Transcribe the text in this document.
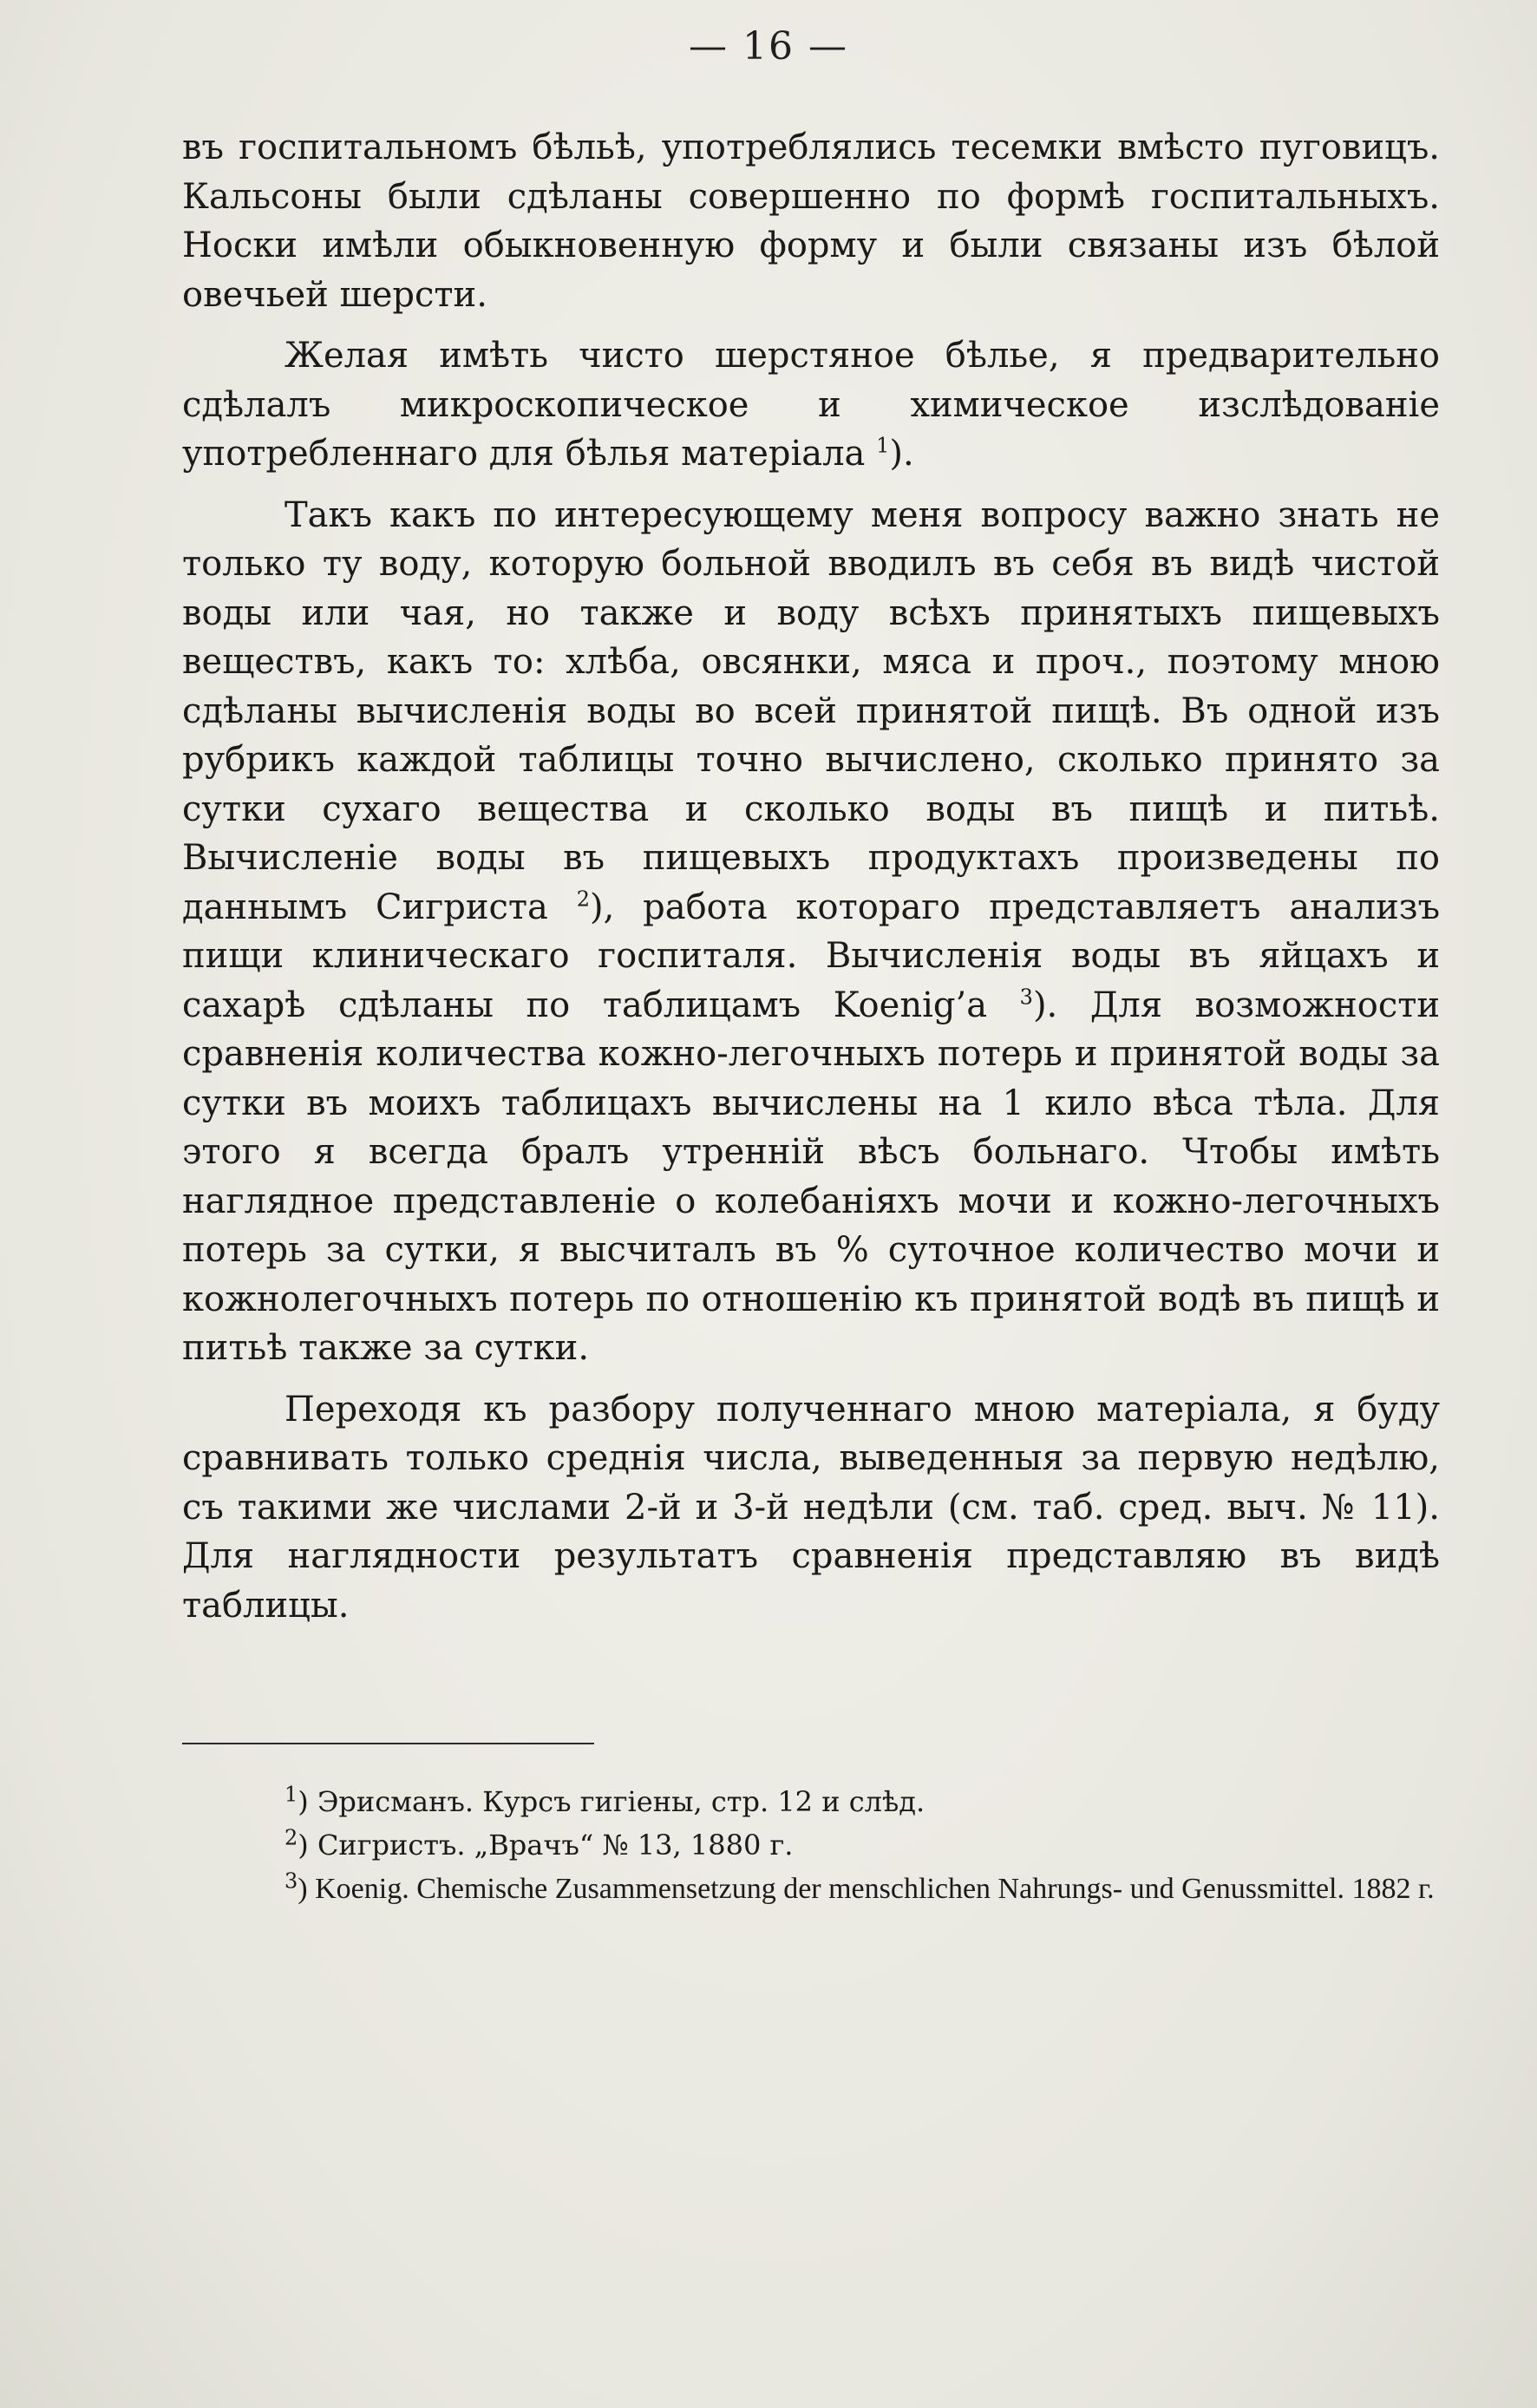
— 16 —

въ госпитальномъ бѣльѣ, употреблялись тесемки вмѣсто пуговицъ. Кальсоны были сдѣланы совершенно по формѣ госпитальныхъ. Носки имѣли обыкновенную форму и были связаны изъ бѣлой овечьей шерсти.

Желая имѣть чисто шерстяное бѣлье, я предварительно сдѣлалъ микроскопическое и химическое изслѣдованіе употребленнаго для бѣлья матеріала $^1$).

Такъ какъ по интересующему меня вопросу важно знать не только ту воду, которую больной вводилъ въ себя въ видѣ чистой воды или чая, но также и воду всѣхъ принятыхъ пищевыхъ веществъ, какъ то: хлѣба, овсянки, мяса и проч., поэтому мною сдѣланы вычисленія воды во всей принятой пищѣ. Въ одной изъ рубрикъ каждой таблицы точно вычислено, сколько принято за сутки сухаго вещества и сколько воды въ пищѣ и питьѣ. Вычисленіе воды въ пищевыхъ продуктахъ произведены по даннымъ Сигриста $^2$), работа котораго представляетъ анализъ пищи клиническаго госпиталя. Вычисленія воды въ яйцахъ и сахарѣ сдѣланы по таблицамъ Koenig’а $^3$). Для возможности сравненія количества кожно-легочныхъ потерь и принятой воды за сутки въ моихъ таблицахъ вычислены на 1 кило вѣса тѣла. Для этого я всегда бралъ утренній вѣсъ больнаго. Чтобы имѣть наглядное представленіе о колебаніяхъ мочи и кожно-легочныхъ потерь за сутки, я высчиталъ въ % суточное количество мочи и кожнолегочныхъ потерь по отношенію къ принятой водѣ въ пищѣ и питьѣ также за сутки.

Переходя къ разбору полученнаго мною матеріала, я буду сравнивать только среднія числа, выведенныя за первую недѣлю, съ такими же числами 2-й и 3-й недѣли (см. таб. сред. выч. № 11). Для наглядности результатъ сравненія представляю въ видѣ таблицы.

$^1$) Эрисманъ. Курсъ гигіены, стр. 12 и слѣд.

$^2$) Сигристъ. „Врачъ“ № 13, 1880 г.

$^3$) Koenig. Chemische Zusammensetzung der menschlichen Nahrungs- und Genussmittel. 1882 г.
